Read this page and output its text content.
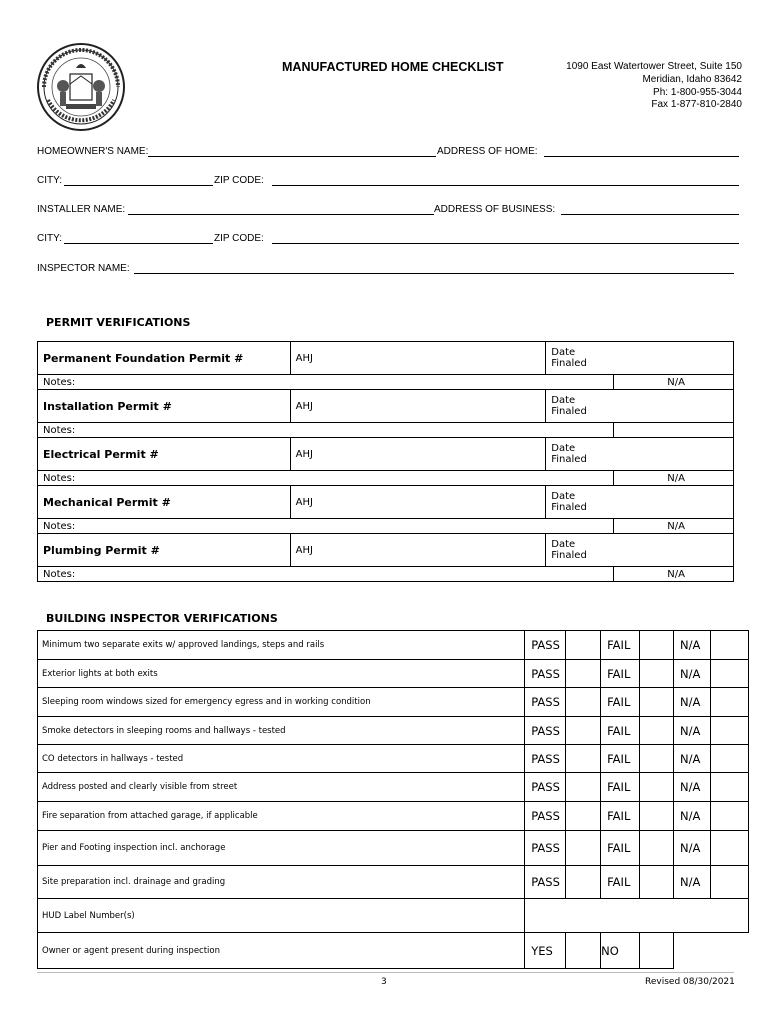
MANUFACTURED HOME CHECKLIST	1090 East Watertower Street, Suite 150
Meridian, Idaho 83642
Ph: 1-800-955-3044
Fax 1-877-810-2840
HOMEOWNER'S NAME:	ADDRESS OF HOME:
CITY:	ZIP CODE:
INSTALLER NAME:	ADDRESS OF BUSINESS:
CITY:	ZIP CODE:
INSPECTOR NAME:
PERMIT VERIFICATIONS
Permanent Foundation Permit #	AHJ	Date
Finaled	

Notes:			N/A
Installation Permit #	AHJ	Date
Finaled	

Notes:			
Electrical Permit #	AHJ	Date
Finaled	

Notes:			N/A
Mechanical Permit #	AHJ	Date
Finaled	

Notes:			N/A
Plumbing Permit #	AHJ	Date
Finaled	

Notes:			N/A
BUILDING INSPECTOR VERIFICATIONS
Minimum two separate exits w/ approved landings, steps and rails	PASS		FAIL		N/A	
Exterior lights at both exits	PASS		FAIL		N/A	
Sleeping room windows sized for emergency egress and in working condition	PASS		FAIL		N/A	
Smoke detectors in sleeping rooms and hallways - tested	PASS		FAIL		N/A	
CO detectors in hallways - tested	PASS		FAIL		N/A	
Address posted and clearly visible from street	PASS		FAIL		N/A	
Fire separation from attached garage, if applicable	PASS		FAIL		N/A	
Pier and Footing inspection incl. anchorage	PASS		FAIL		N/A	
Site preparation incl. drainage and grading	PASS		FAIL		N/A	
HUD Label Number(s)						
Owner or agent present during inspection	YES		NO			
3	Revised 08/30/2021
